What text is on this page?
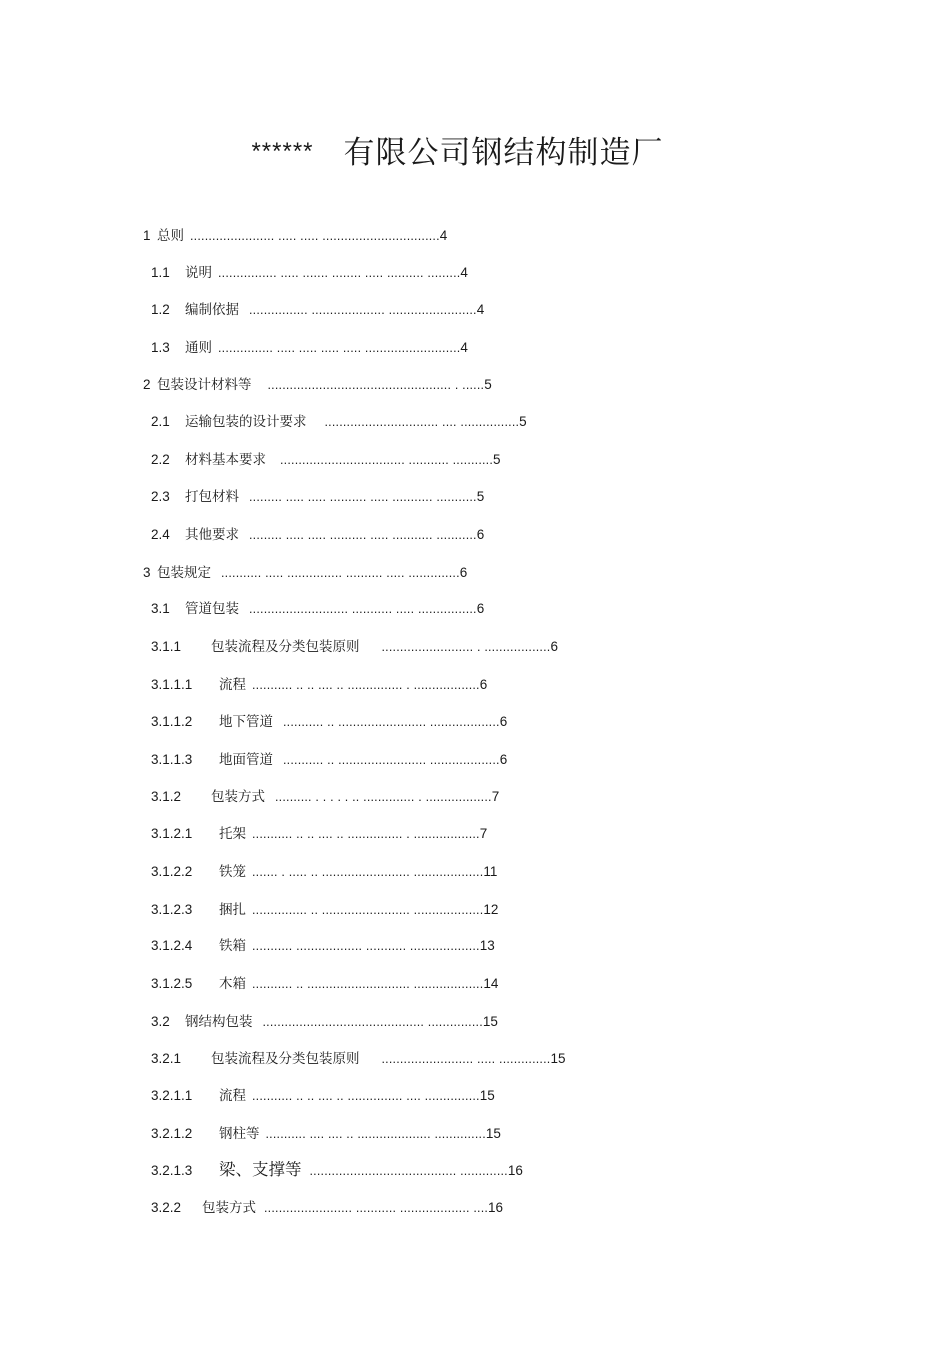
****** 有限公司钢结构制造厂
1 总则 ....................... ..... ..... ................................4
1.1 说明 ................ ..... ....... ........ ..... .......... .........4
1.2 编制依据 ................ .................... ........................4
1.3 通则 ............... ..... ..... ..... ..... ..........................4
2 包装设计材料等 .................................................. . ......5
2.1 运输包装的设计要求 ............................... .... ................5
2.2 材料基本要求 .................................. ........... ...........5
2.3 打包材料 ......... ..... ..... .......... ..... ........... ...........5
2.4 其他要求 ......... ..... ..... .......... ..... ........... ...........6
3 包装规定 ........... ..... ............... .......... ..... ..............6
3.1 管道包装 ........................... ........... ..... ................6
3.1.1 包装流程及分类包装原则 ......................... . ..................6
3.1.1.1 流程 ........... .. .. .... .. ............... . ..................6
3.1.1.2 地下管道 ........... .. ........................ ...................6
3.1.1.3 地面管道 ........... .. ........................ ...................6
3.1.2 包装方式 .......... . . . . . .. .............. . ..................7
3.1.2.1 托架 ........... .. .. .... .. ............... . ..................7
3.1.2.2 铁笼 ....... . ..... .. ........................ ...................11
3.1.2.3 捆扎 ............... .. ........................ ...................12
3.1.2.4 铁箱 ........... .................. ........... ...................13
3.1.2.5 木箱 ........... .. ............................ ...................14
3.2 钢结构包装 ............................................ ...............15
3.2.1 包装流程及分类包装原则 ......................... ..... ..............15
3.2.1.1 流程 ........... .. .. .... .. ............... .... ...............15
3.2.1.2 钢柱等 ........... .... .... .. .................... ..............15
3.2.1.3 梁、支撑等 ........................................ .............16
3.2.2 包装方式 ........................ ........... ................... ....16
